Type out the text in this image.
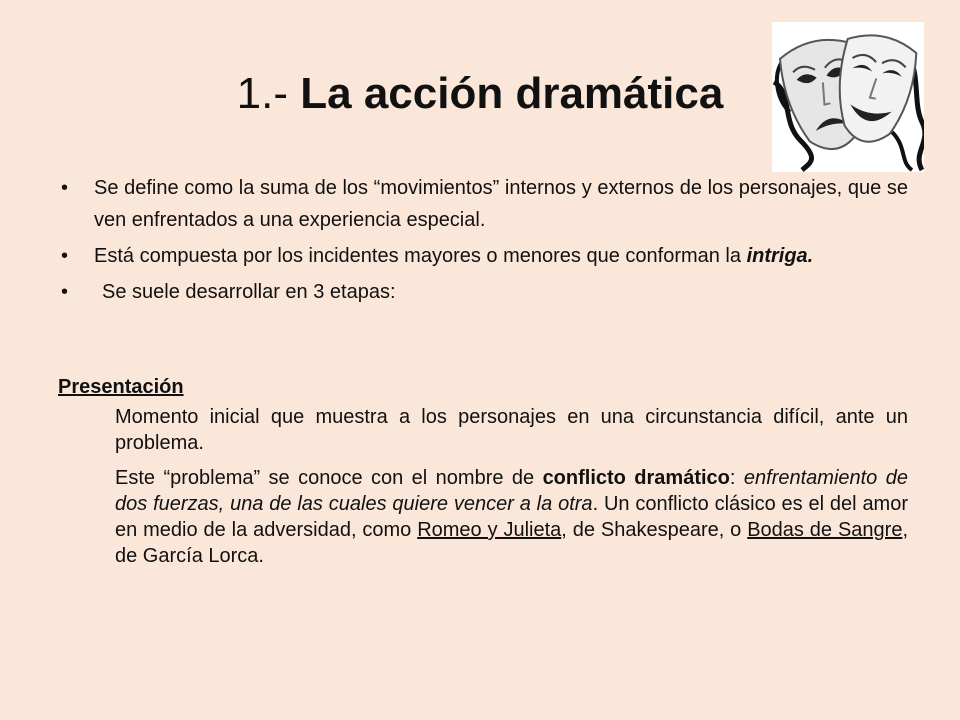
1.- La acción dramática
• Se define como la suma de los “movimientos” internos y externos de los personajes, que se ven enfrentados a una experiencia especial.
• Está compuesta por los incidentes mayores o menores que conforman la intriga.
• Se suele desarrollar en 3 etapas:

Presentación

Momento inicial que muestra a los personajes en una circunstancia difícil, ante un problema.

Este “problema” se conoce con el nombre de conflicto dramático: enfrentamiento de dos fuerzas, una de las cuales quiere vencer a la otra. Un conflicto clásico es el del amor en medio de la adversidad, como Romeo y Julieta, de Shakespeare, o Bodas de Sangre, de García Lorca.
